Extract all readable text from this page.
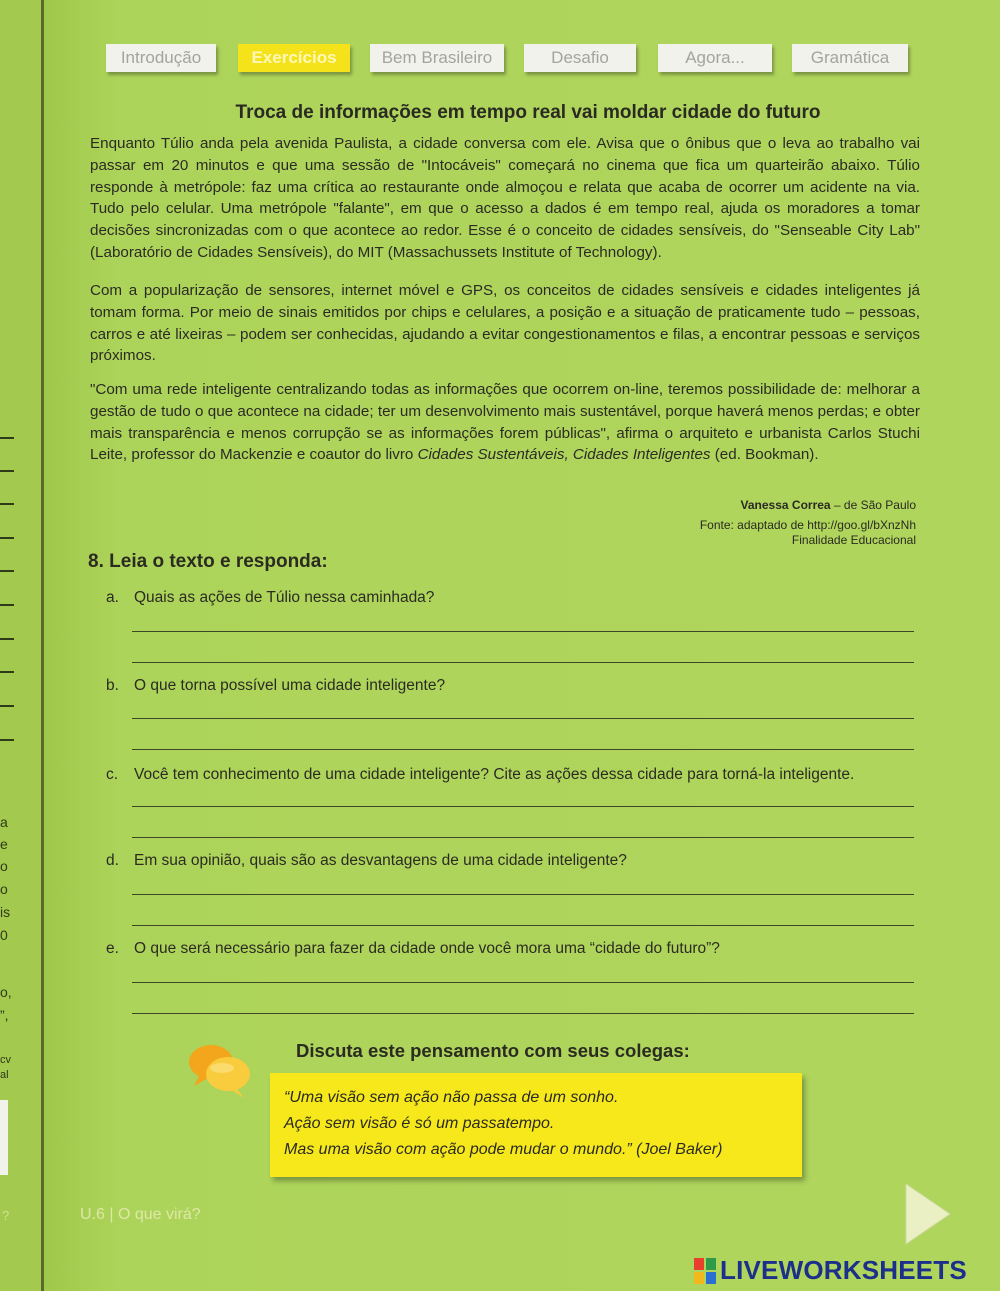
a
e
o
o
is
0
o,
”,
cv
al
?
Introdução	Exercícios	Bem Brasileiro	Desafio	Agora...	Gramática
Troca de informações em tempo real vai moldar cidade do futuro
Enquanto Túlio anda pela avenida Paulista, a cidade conversa com ele. Avisa que o ônibus que o leva ao trabalho vai passar em 20 minutos e que uma sessão de "Intocáveis" começará no cinema que fica um quarteirão abaixo. Túlio responde à metrópole: faz uma crítica ao restaurante onde almoçou e relata que acaba de ocorrer um acidente na via. Tudo pelo celular. Uma metrópole "falante", em que o acesso a dados é em tempo real, ajuda os moradores a tomar decisões sincronizadas com o que acontece ao redor. Esse é o conceito de cidades sensíveis, do "Senseable City Lab" (Laboratório de Cidades Sensíveis), do MIT (Massachussets Institute of Technology).
Com a popularização de sensores, internet móvel e GPS, os conceitos de cidades sensíveis e cidades inteligentes já tomam forma. Por meio de sinais emitidos por chips e celulares, a posição e a situação de praticamente tudo – pessoas, carros e até lixeiras – podem ser conhecidas, ajudando a evitar congestionamentos e filas, a encontrar pessoas e serviços próximos.
"Com uma rede inteligente centralizando todas as informações que ocorrem on-line, teremos possibilidade de: melhorar a gestão de tudo o que acontece na cidade; ter um desenvolvimento mais sustentável, porque haverá menos perdas; e obter mais transparência e menos corrupção se as informações forem públicas", afirma o arquiteto e urbanista Carlos Stuchi Leite, professor do Mackenzie e coautor do livro Cidades Sustentáveis, Cidades Inteligentes (ed. Bookman).
Vanessa Correa – de São Paulo
Fonte: adaptado de http://goo.gl/bXnzNh
Finalidade Educacional
8. Leia o texto e responda:
a. Quais as ações de Túlio nessa caminhada?
b. O que torna possível uma cidade inteligente?
c. Você tem conhecimento de uma cidade inteligente? Cite as ações dessa cidade para torná-la inteligente.
d. Em sua opinião, quais são as desvantagens de uma cidade inteligente?
e. O que será necessário para fazer da cidade onde você mora uma “cidade do futuro”?
Discuta este pensamento com seus colegas:
“Uma visão sem ação não passa de um sonho.
Ação sem visão é só um passatempo.
Mas uma visão com ação pode mudar o mundo.” (Joel Baker)
U.6 | O que virá?	57
LIVEWORKSHEETS
